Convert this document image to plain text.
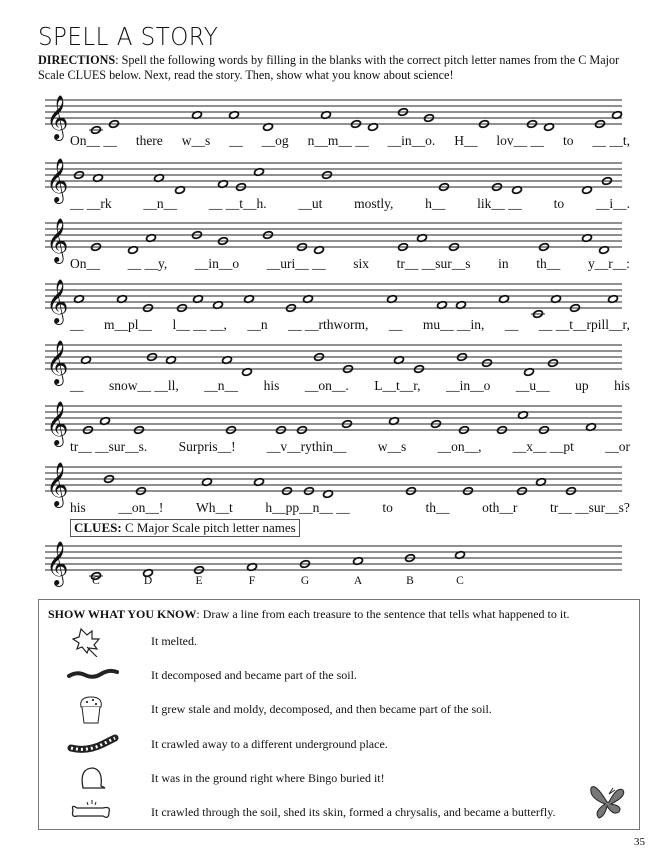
SPELL A STORY
DIRECTIONS: Spell the following words by filling in the blanks with the correct pitch letter names from the C Major Scale CLUES below. Next, read the story. Then, show what you know about science!
𝄞
𝄞
𝄞
𝄞
𝄞
𝄞
𝄞
𝄞
On__ __ there w__s __ __og n__m__ __ __in__o. H__ lov__ __ to __ __t,
__ __rk __n__ __ __t__h. __ut mostly, h__ lik__ __ to __i__.
On__ __ __y, __in__o __uri__ __ six tr__ __sur__s in th__ y__r__:
__ m__pl__ l__ __ __, __n __ __rthworm, __ mu__ __in, __ __ __t__rpill__r,
__ snow__ __ll, __n__ his __on__. L__t__r, __in__o __u__ up his
tr__ __sur__s. Surpris__! __v__rythin__ w__s __on__, __x__ __pt __or
his __on__! Wh__t h__pp__n__ __ to th__ oth__r tr__ __sur__s?
CLUES: C Major Scale pitch letter names
C	D	E	F	G	A	B	C
SHOW WHAT YOU KNOW: Draw a line from each treasure to the sentence that tells what happened to it.
It melted.
It decomposed and became part of the soil.
It grew stale and moldy, decomposed, and then became part of the soil.
It crawled away to a different underground place.
It was in the ground right where Bingo buried it!
It crawled through the soil, shed its skin, formed a chrysalis, and became a butterfly.
35
